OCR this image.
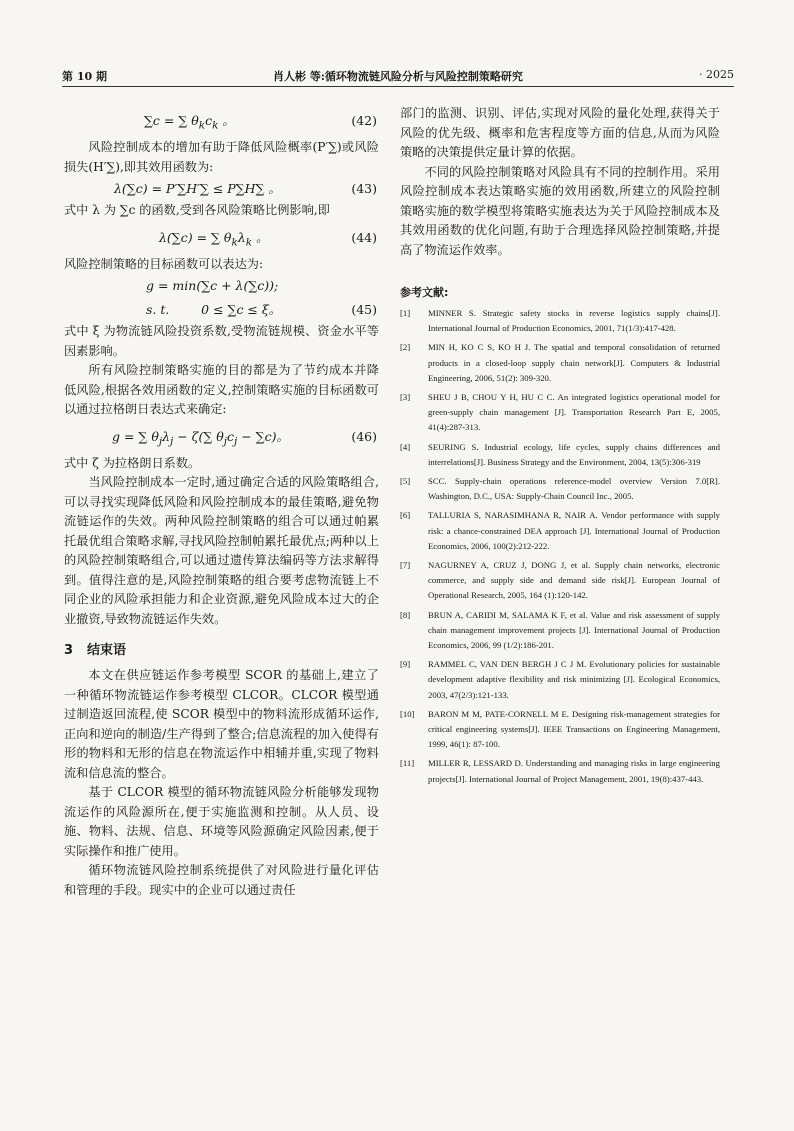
第 10 期	肖人彬 等:循环物流链风险分析与风险控制策略研究	· 2025
∑c = ∑ $\theta_kc_k$ 。	(42)

风险控制成本的增加有助于降低风险概率(P′∑)或风险损失(H′∑),即其效用函数为:

λ(∑c) = P′∑H′∑ ≤ P∑H∑ 。	(43)

式中 λ 为 ∑c 的函数,受到各风险策略比例影响,即

λ(∑c) = ∑ $\theta_k\lambda_k$ 。	(44)

风险控制策略的目标函数可以表达为:

g = min(∑c + λ(∑c));
s. t.        0 ≤ ∑c ≤ ξ。	(45)

式中 ξ 为物流链风险投资系数,受物流链规模、资金水平等因素影响。

所有风险控制策略实施的目的都是为了节约成本并降低风险,根据各效用函数的定义,控制策略实施的目标函数可以通过拉格朗日表达式来确定:

g = ∑ $\theta_j\lambda_j - \zeta(\sum$ $\theta_jc_j - \sum c$)。	(46)

式中 ζ 为拉格朗日系数。

当风险控制成本一定时,通过确定合适的风险策略组合,可以寻找实现降低风险和风险控制成本的最佳策略,避免物流链运作的失效。两种风险控制策略的组合可以通过帕累托最优组合策略求解,寻找风险控制帕累托最优点;两种以上的风险控制策略组合,可以通过遗传算法编码等方法求解得到。值得注意的是,风险控制策略的组合要考虑物流链上不同企业的风险承担能力和企业资源,避免风险成本过大的企业撤资,导致物流链运作失效。

3 结束语

本文在供应链运作参考模型 SCOR 的基础上,建立了一种循环物流链运作参考模型 CLCOR。CLCOR 模型通过制造返回流程,使 SCOR 模型中的物料流形成循环运作,正向和逆向的制造/生产得到了整合;信息流程的加入使得有形的物料和无形的信息在物流运作中相辅并重,实现了物料流和信息流的整合。

基于 CLCOR 模型的循环物流链风险分析能够发现物流运作的风险源所在,便于实施监测和控制。从人员、设施、物料、法规、信息、环境等风险源确定风险因素,便于实际操作和推广使用。

循环物流链风险控制系统提供了对风险进行量化评估和管理的手段。现实中的企业可以通过责任

部门的监测、识别、评估,实现对风险的量化处理,获得关于风险的优先级、概率和危害程度等方面的信息,从而为风险策略的决策提供定量计算的依据。

不同的风险控制策略对风险具有不同的控制作用。采用风险控制成本表达策略实施的效用函数,所建立的风险控制策略实施的数学模型将策略实施表达为关于风险控制成本及其效用函数的优化问题,有助于合理选择风险控制策略,并提高了物流运作效率。

参考文献:
[1] MINNER S. Strategic safety stocks in reverse logistics supply chains[J]. International Journal of Production Economics, 2001, 71(1/3):417-428.
[2] MIN H, KO C S, KO H J. The spatial and temporal consolidation of returned products in a closed-loop supply chain network[J]. Computers & Industrial Engineering, 2006, 51(2): 309-320.
[3] SHEU J B, CHOU Y H, HU C C. An integrated logistics operational model for green-supply chain management [J]. Transportation Research Part E, 2005, 41(4):287-313.
[4] SEURING S. Industrial ecology, life cycles, supply chains differences and interrelations[J]. Business Strategy and the Environment, 2004, 13(5):306-319
[5] SCC. Supply-chain operations reference-model overview Version 7.0[R]. Washington, D.C., USA: Supply-Chain Council Inc., 2005.
[6] TALLURIA S, NARASIMHANA R, NAIR A. Vendor performance with supply risk: a chance-constrained DEA approach [J]. International Journal of Production Economics, 2006, 100(2):212-222.
[7] NAGURNEY A, CRUZ J, DONG J, et al. Supply chain networks, electronic commerce, and supply side and demand side risk[J]. European Journal of Operational Research, 2005, 164 (1):120-142.
[8] BRUN A, CARIDI M, SALAMA K F, et al. Value and risk assessment of supply chain management improvement projects [J]. International Journal of Production Economics, 2006, 99 (1/2):186-201.
[9] RAMMEL C, VAN DEN BERGH J C J M. Evolutionary policies for sustainable development adaptive flexibility and risk minimizing [J]. Ecological Economics, 2003, 47(2/3):121-133.
[10] BARON M M, PATE-CORNELL M E. Designing risk-management strategies for critical engineering systems[J]. IEEE Transactions on Engineering Management, 1999, 46(1): 87-100.
[11] MILLER R, LESSARD D. Understanding and managing risks in large engineering projects[J]. International Journal of Project Management, 2001, 19(8):437-443.
